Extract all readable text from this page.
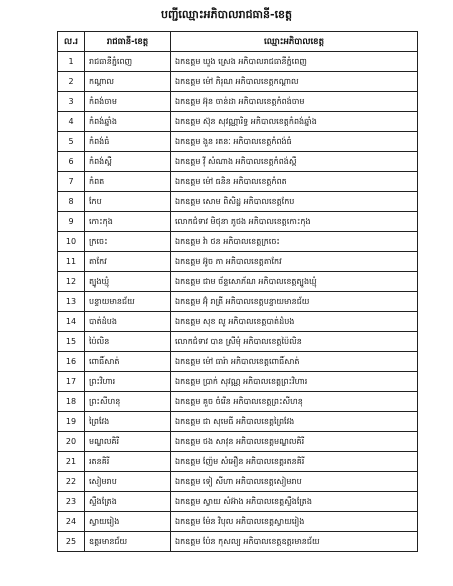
បញ្ជីឈ្មោះអភិបាលរាជធានី-ខេត្ត
ល.រ	រាជធានី-ខេត្ត	ឈ្មោះអភិបាលខេត្ត
1	រាជធានីភ្នំពេញ	ឯកឧត្តម ឃួង ស្រេង អភិបាលរាជធានីភ្នំពេញ
2	កណ្ដាល	ឯកឧត្តម ម៉ៅ ភិរុណ អភិបាលខេត្តកណ្ដាល
3	កំពង់ចាម	ឯកឧត្តម អ៊ុន ចាន់ដា អភិបាលខេត្តកំពង់ចាម
4	កំពង់ឆ្នាំង	ឯកឧត្តម ស៊ុន សុវណ្ណារិទ្ធ អភិបាលខេត្តកំពង់ឆ្នាំង
5	កំពង់ធំ	ឯកឧត្តម ងួន រតនៈ អភិបាលខេត្តកំពង់ធំ
6	កំពង់ស្ពឺ	ឯកឧត្តម វ៉ី សំណាង អភិបាលខេត្តកំពង់ស្ពឺ
7	កំពត	ឯកឧត្តម ម៉ៅ ធនិន អភិបាលខេត្តកំពត
8	កែប	ឯកឧត្តម សោម ពិសិដ្ឋ អភិបាលខេត្តកែប
9	កោះកុង	លោកជំទាវ មិថុនា ភូថង អភិបាលខេត្តកោះកុង
10	ក្រចេះ	ឯកឧត្តម វ៉ា ថន អភិបាលខេត្តក្រចេះ
11	តាកែវ	ឯកឧត្តម អ៊ូច ភា អភិបាលខេត្តតាកែវ
12	ត្បូងឃ្មុំ	ឯកឧត្តម ជាម ច័ន្ទសោភ័ណ អភិបាលខេត្តត្បូងឃ្មុំ
13	បន្ទាយមានជ័យ	ឯកឧត្តម អ៊ុំ រាត្រី អភិបាលខេត្តបន្ទាយមានជ័យ
14	បាត់ដំបង	ឯកឧត្តម សុខ លូ អភិបាលខេត្តបាត់ដំបង
15	ប៉ៃលិន	លោកជំទាវ បាន ស្រីមុំ អភិបាលខេត្តប៉ៃលិន
16	ពោធិ៍សាត់	ឯកឧត្តម ម៉ៅ ធារ៉ា អភិបាលខេត្តពោធិ៍សាត់
17	ព្រះវិហារ	ឯកឧត្តម ប្រាក់ សុវណ្ណ អភិបាលខេត្តព្រះវិហារ
18	ព្រះសីហនុ	ឯកឧត្តម គួច ចំរើន អភិបាលខេត្តព្រះសីហនុ
19	ព្រៃវែង	ឯកឧត្តម ជា សុមេធី អភិបាលខេត្តព្រៃវែង
20	មណ្ឌលគិរី	ឯកឧត្តម ថង សាវុន អភិបាលខេត្តមណ្ឌលគិរី
21	រតនគិរី	ឯកឧត្តម ញ៉ែម សំអឿន អភិបាលខេត្តរតនគិរី
22	សៀមរាប	ឯកឧត្តម ទៀ សីហា អភិបាលខេត្តសៀមរាប
23	ស្ទឹងត្រែង	ឯកឧត្តម ស្វាយ សំអ៊ាង អភិបាលខេត្តស្ទឹងត្រែង
24	ស្វាយរៀង	ឯកឧត្តម ម៉ែន វិបុល អភិបាលខេត្តស្វាយរៀង
25	ឧត្ដរមានជ័យ	ឯកឧត្តម ប៉ែន កុសល្យ អភិបាលខេត្តឧត្ដរមានជ័យ
